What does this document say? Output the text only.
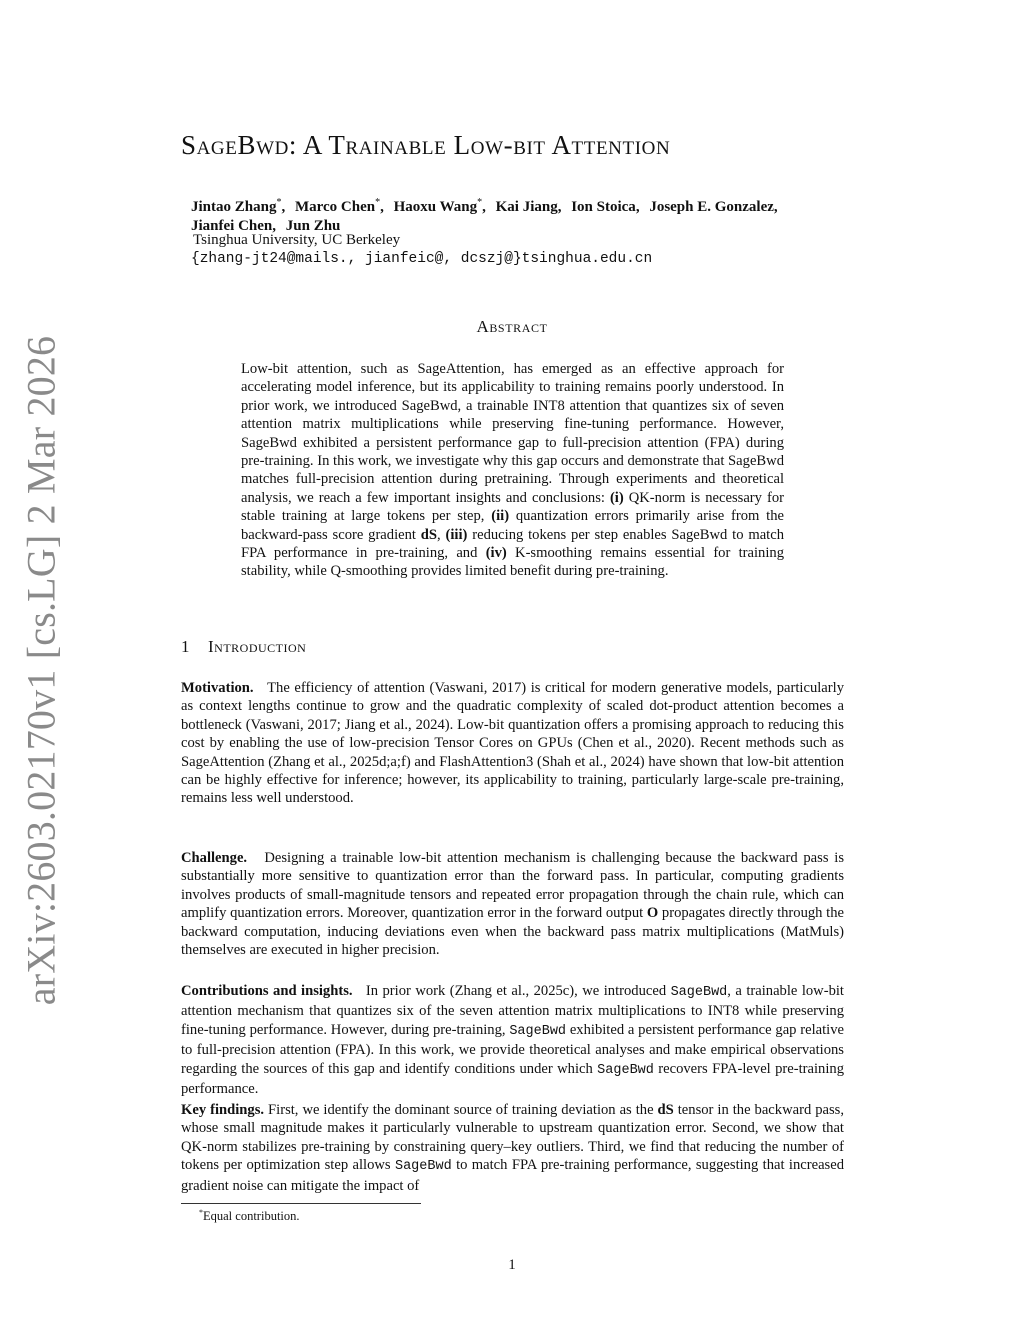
arXiv:2603.02170v1 [cs.LG] 2 Mar 2026
SageBwd: A Trainable Low-bit Attention
Jintao Zhang*, Marco Chen*, Haoxu Wang*, Kai Jiang, Ion Stoica, Joseph E. Gonzalez,
Jianfei Chen, Jun Zhu
Tsinghua University, UC Berkeley
{zhang-jt24@mails., jianfeic@, dcszj@}tsinghua.edu.cn
Abstract
Low-bit attention, such as SageAttention, has emerged as an effective approach for accelerating model inference, but its applicability to training remains poorly understood. In prior work, we introduced SageBwd, a trainable INT8 attention that quantizes six of seven attention matrix multiplications while preserving fine-tuning performance. However, SageBwd exhibited a persistent performance gap to full-precision attention (FPA) during pre-training. In this work, we investigate why this gap occurs and demonstrate that SageBwd matches full-precision attention during pretraining. Through experiments and theoretical analysis, we reach a few important insights and conclusions: (i) QK-norm is necessary for stable training at large tokens per step, (ii) quantization errors primarily arise from the backward-pass score gradient dS, (iii) reducing tokens per step enables SageBwd to match FPA performance in pre-training, and (iv) K-smoothing remains essential for training stability, while Q-smoothing provides limited benefit during pre-training.
1 Introduction
Motivation. The efficiency of attention (Vaswani, 2017) is critical for modern generative models, particularly as context lengths continue to grow and the quadratic complexity of scaled dot-product attention becomes a bottleneck (Vaswani, 2017; Jiang et al., 2024). Low-bit quantization offers a promising approach to reducing this cost by enabling the use of low-precision Tensor Cores on GPUs (Chen et al., 2020). Recent methods such as SageAttention (Zhang et al., 2025d;a;f) and FlashAttention3 (Shah et al., 2024) have shown that low-bit attention can be highly effective for inference; however, its applicability to training, particularly large-scale pre-training, remains less well understood.
Challenge. Designing a trainable low-bit attention mechanism is challenging because the backward pass is substantially more sensitive to quantization error than the forward pass. In particular, computing gradients involves products of small-magnitude tensors and repeated error propagation through the chain rule, which can amplify quantization errors. Moreover, quantization error in the forward output O propagates directly through the backward computation, inducing deviations even when the backward pass matrix multiplications (MatMuls) themselves are executed in higher precision.
Contributions and insights. In prior work (Zhang et al., 2025c), we introduced SageBwd, a trainable low-bit attention mechanism that quantizes six of the seven attention matrix multiplications to INT8 while preserving fine-tuning performance. However, during pre-training, SageBwd exhibited a persistent performance gap relative to full-precision attention (FPA). In this work, we provide theoretical analyses and make empirical observations regarding the sources of this gap and identify conditions under which SageBwd recovers FPA-level pre-training performance.
Key findings. First, we identify the dominant source of training deviation as the dS tensor in the backward pass, whose small magnitude makes it particularly vulnerable to upstream quantization error. Second, we show that QK-norm stabilizes pre-training by constraining query–key outliers. Third, we find that reducing the number of tokens per optimization step allows SageBwd to match FPA pre-training performance, suggesting that increased gradient noise can mitigate the impact of
*Equal contribution.
1
